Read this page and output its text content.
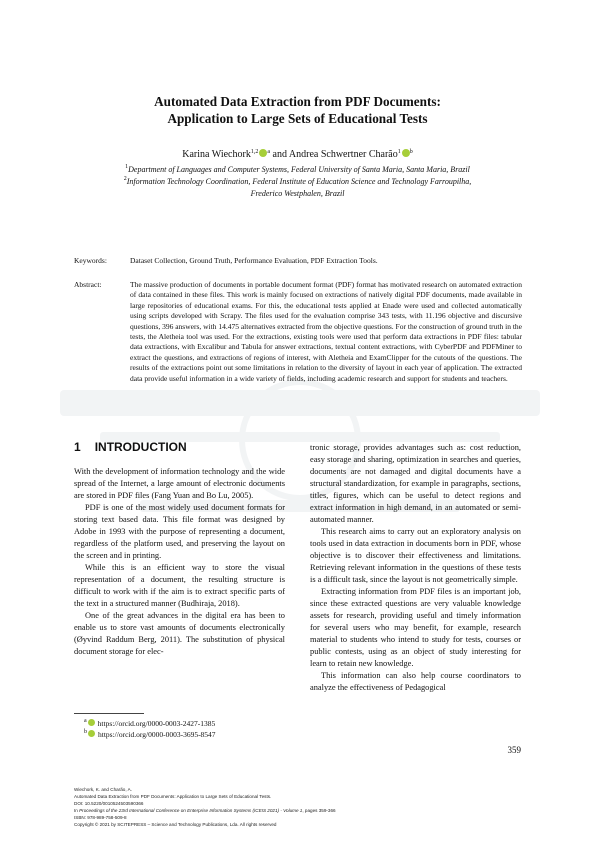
Automated Data Extraction from PDF Documents:
Application to Large Sets of Educational Tests
Karina Wiechork$^{1,2}$ $^a$ and Andrea Schwertner Charão$^1$ $^b$
$^1$Department of Languages and Computer Systems, Federal University of Santa Maria, Santa Maria, Brazil
$^2$Information Technology Coordination, Federal Institute of Education Science and Technology Farroupilha,
Frederico Westphalen, Brazil
Keywords:	Dataset Collection, Ground Truth, Performance Evaluation, PDF Extraction Tools.
Abstract:	The massive production of documents in portable document format (PDF) format has motivated research on automated extraction of data contained in these files. This work is mainly focused on extractions of natively digital PDF documents, made available in large repositories of educational exams. For this, the educational tests applied at Enade were used and collected automatically using scripts developed with Scrapy. The files used for the evaluation comprise 343 tests, with 11.196 objective and discursive questions, 396 answers, with 14.475 alternatives extracted from the objective questions. For the construction of ground truth in the tests, the Aletheia tool was used. For the extractions, existing tools were used that perform data extractions in PDF files: tabular data extractions, with Excalibur and Tabula for answer extractions, textual content extractions, with CyberPDF and PDFMiner to extract the questions, and extractions of regions of interest, with Aletheia and ExamClipper for the cutouts of the questions. The results of the extractions point out some limitations in relation to the diversity of layout in each year of application. The extracted data provide useful information in a wide variety of fields, including academic research and support for students and teachers.
1 INTRODUCTION

With the development of information technology and the wide spread of the Internet, a large amount of electronic documents are stored in PDF files (Fang Yuan and Bo Lu, 2005).

PDF is one of the most widely used document formats for storing text based data. This file format was designed by Adobe in 1993 with the purpose of representing a document, regardless of the platform used, and preserving the layout on the screen and in printing.

While this is an efficient way to store the visual representation of a document, the resulting structure is difficult to work with if the aim is to extract specific parts of the text in a structured manner (Budhiraja, 2018).

One of the great advances in the digital era has been to enable us to store vast amounts of documents electronically (Øyvind Raddum Berg, 2011). The substitution of physical document storage for elec-

tronic storage, provides advantages such as: cost reduction, easy storage and sharing, optimization in searches and queries, documents are not damaged and digital documents have a structural standardization, for example in paragraphs, sections, titles, figures, which can be useful to detect regions and extract information in high demand, in an automated or semi-automated manner.

This research aims to carry out an exploratory analysis on tools used in data extraction in documents born in PDF, whose objective is to discover their effectiveness and limitations. Retrieving relevant information in the questions of these tests is a difficult task, since the layout is not geometrically simple.

Extracting information from PDF files is an important job, since these extracted questions are very valuable knowledge assets for research, providing useful and timely information for several users who may benefit, for example, research material to students who intend to study for tests, courses or public contests, using as an object of study interesting for learn to retain new knowledge.

This information can also help course coordinators to analyze the effectiveness of Pedagogical

$^a$ https://orcid.org/0000-0003-2427-1385
$^b$ https://orcid.org/0000-0003-3695-8547
359
Wiechork, K. and Charão, A.
Automated Data Extraction from PDF Documents: Application to Large Sets of Educational Tests.
DOI: 10.5220/0010524503590366
In Proceedings of the 23rd International Conference on Enterprise Information Systems (ICEIS 2021) - Volume 1, pages 359-366
ISBN: 978-989-758-509-8
Copyright © 2021 by SCITEPRESS – Science and Technology Publications, Lda. All rights reserved
